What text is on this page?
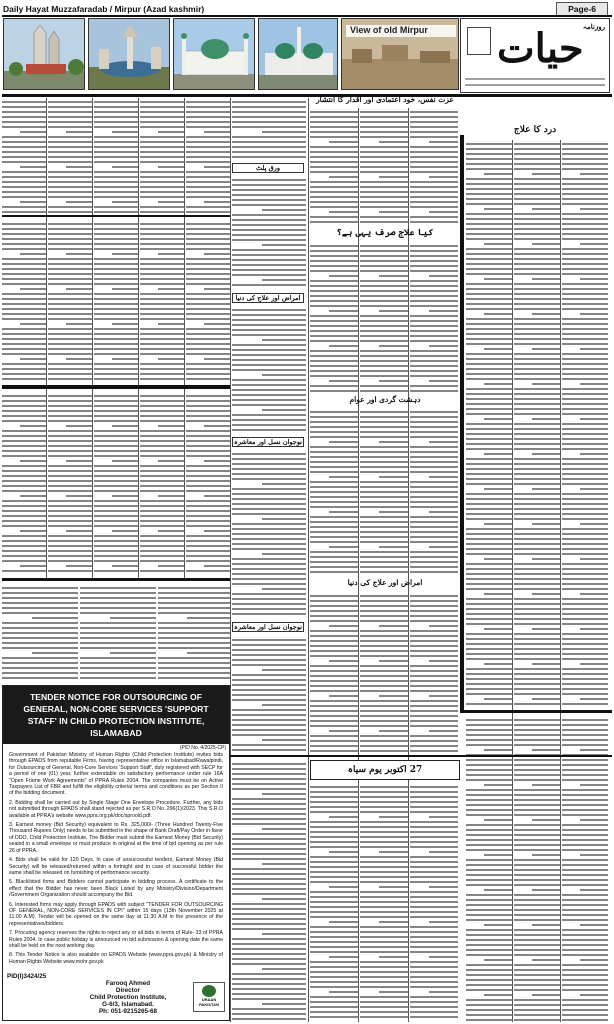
Daily Hayat Muzzafaradab / Mirpur (Azad kashmir)	Page-6
View of old Mirpur	روزنامہ
حیات
عزت نفس، خود اعتمادی اور اقدار کا انتشار
درد کا علاج
کیا علاج صرف یہی ہے؟
ورق پلٹ
امراض اور علاج کی دنیا
نوجوان نسل اور معاشرہ
دہشت گردی اور عوام
نوجوان نسل اور معاشرہ
امراض اور علاج کی دنیا
27 اکتوبر یوم سیاہ
TENDER NOTICE FOR OUTSOURCING OF GENERAL, NON-CORE SERVICES 'SUPPORT STAFF' IN CHILD PROTECTION INSTITUTE, ISLAMABAD
(PID No. 4/2025-CP)

Government of Pakistan Ministry of Human Rights (Child Protection Institute) invites bids through EPADS from reputable Firms, having representative office in Islamabad/Rawalpindi, for Outsourcing of General, Non-Core Services 'Support Staff', duly registered with SECP for a period of one (01) year, further extendable on satisfactory performance under rule 16A "Open Frame Work Agreements" of PPRA Rules 2004. The companies must be on Active Taxpayers List of FBR and fulfill the eligibility criteria/ terms and conditions as per Section II of the bidding document.

2. Bidding shall be carried out by Single Stage One Envelope Procedure. Further, any bids not submitted through EPADS shall stand rejected as per S.R.O No. 296(1)/2023. This S.R.O available at PPRA's website www.ppra.org.pk/doc/sproold.pdf.

3. Earnest money (Bid Security) equivalent to Rs. 325,000/- (Three Hundred Twenty-Five Thousand Rupees Only) needs to be submitted in the shape of Bank Draft/Pay Order in favor of DDO, Child Protection Institute. The Bidder must submit the Earnest Money (Bid Security) sealed in a small envelope or must produce in original at the time of bid opening as per rule 26 of PPRA.

4. Bids shall be valid for 120 Days. In case of unsuccessful tenders, Earnest Money (Bid Security) will be released/returned within a fortnight and in case of successful bidder the same shall be released on furnishing of performance security.

5. Blacklisted firms and Bidders cannot participate in bidding process. A certificate to the effect that the Bidder has never been Black Listed by any Ministry/Division/Department /Government Organization should accompany the Bid.

6. Interested firms may apply through EPADS with subject "TENDER FOR OUTSOURCING OF GENERAL, NON-CORE SERVICES IN CPI" within 15 days (13th November 2025 at 11:00 A.M). Tender will be opened on the same day at 11:30 A.M in the presence of the representatives/bidders.

7. Procuring agency reserves the rights to reject any or all bids in terms of Rule- 33 of PPRA Rules 2004. In case public holiday is announced on bid submission & opening date the same shall be held on the next working day.

8. This Tender Notice is also available on EPADS Website (www.ppra.gov.pk) & Ministry of Human Rights Website www.mohr.gov.pk

PID(I)3424/25
Farooq Ahmed
Director
Child Protection Institute,
G-6/3, Islamabad.
Ph: 051-9215265-68
URAAN PAKISTAN
